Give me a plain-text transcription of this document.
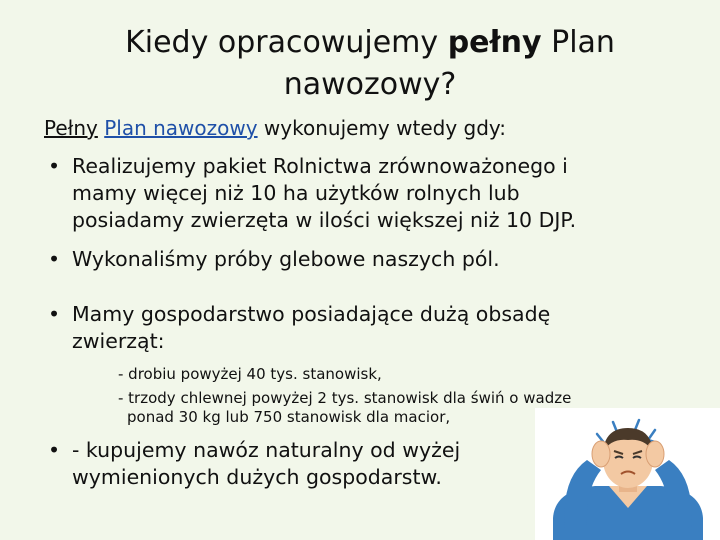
Kiedy opracowujemy pełny Plan
nawozowy?
Pełny Plan nawozowy wykonujemy wtedy gdy:
• Realizujemy pakiet Rolnictwa zrównoważonego i
mamy więcej niż 10 ha użytków rolnych lub
posiadamy zwierzęta w ilości większej niż 10 DJP.
• Wykonaliśmy próby glebowe naszych pól.
• Mamy gospodarstwo posiadające dużą obsadę
zwierząt:
- drobiu powyżej 40 tys. stanowisk,
- trzody chlewnej powyżej 2 tys. stanowisk dla świń o wadze
ponad 30 kg lub 750 stanowisk dla macior,
• - kupujemy nawóz naturalny od wyżej
wymienionych dużych gospodarstw.
